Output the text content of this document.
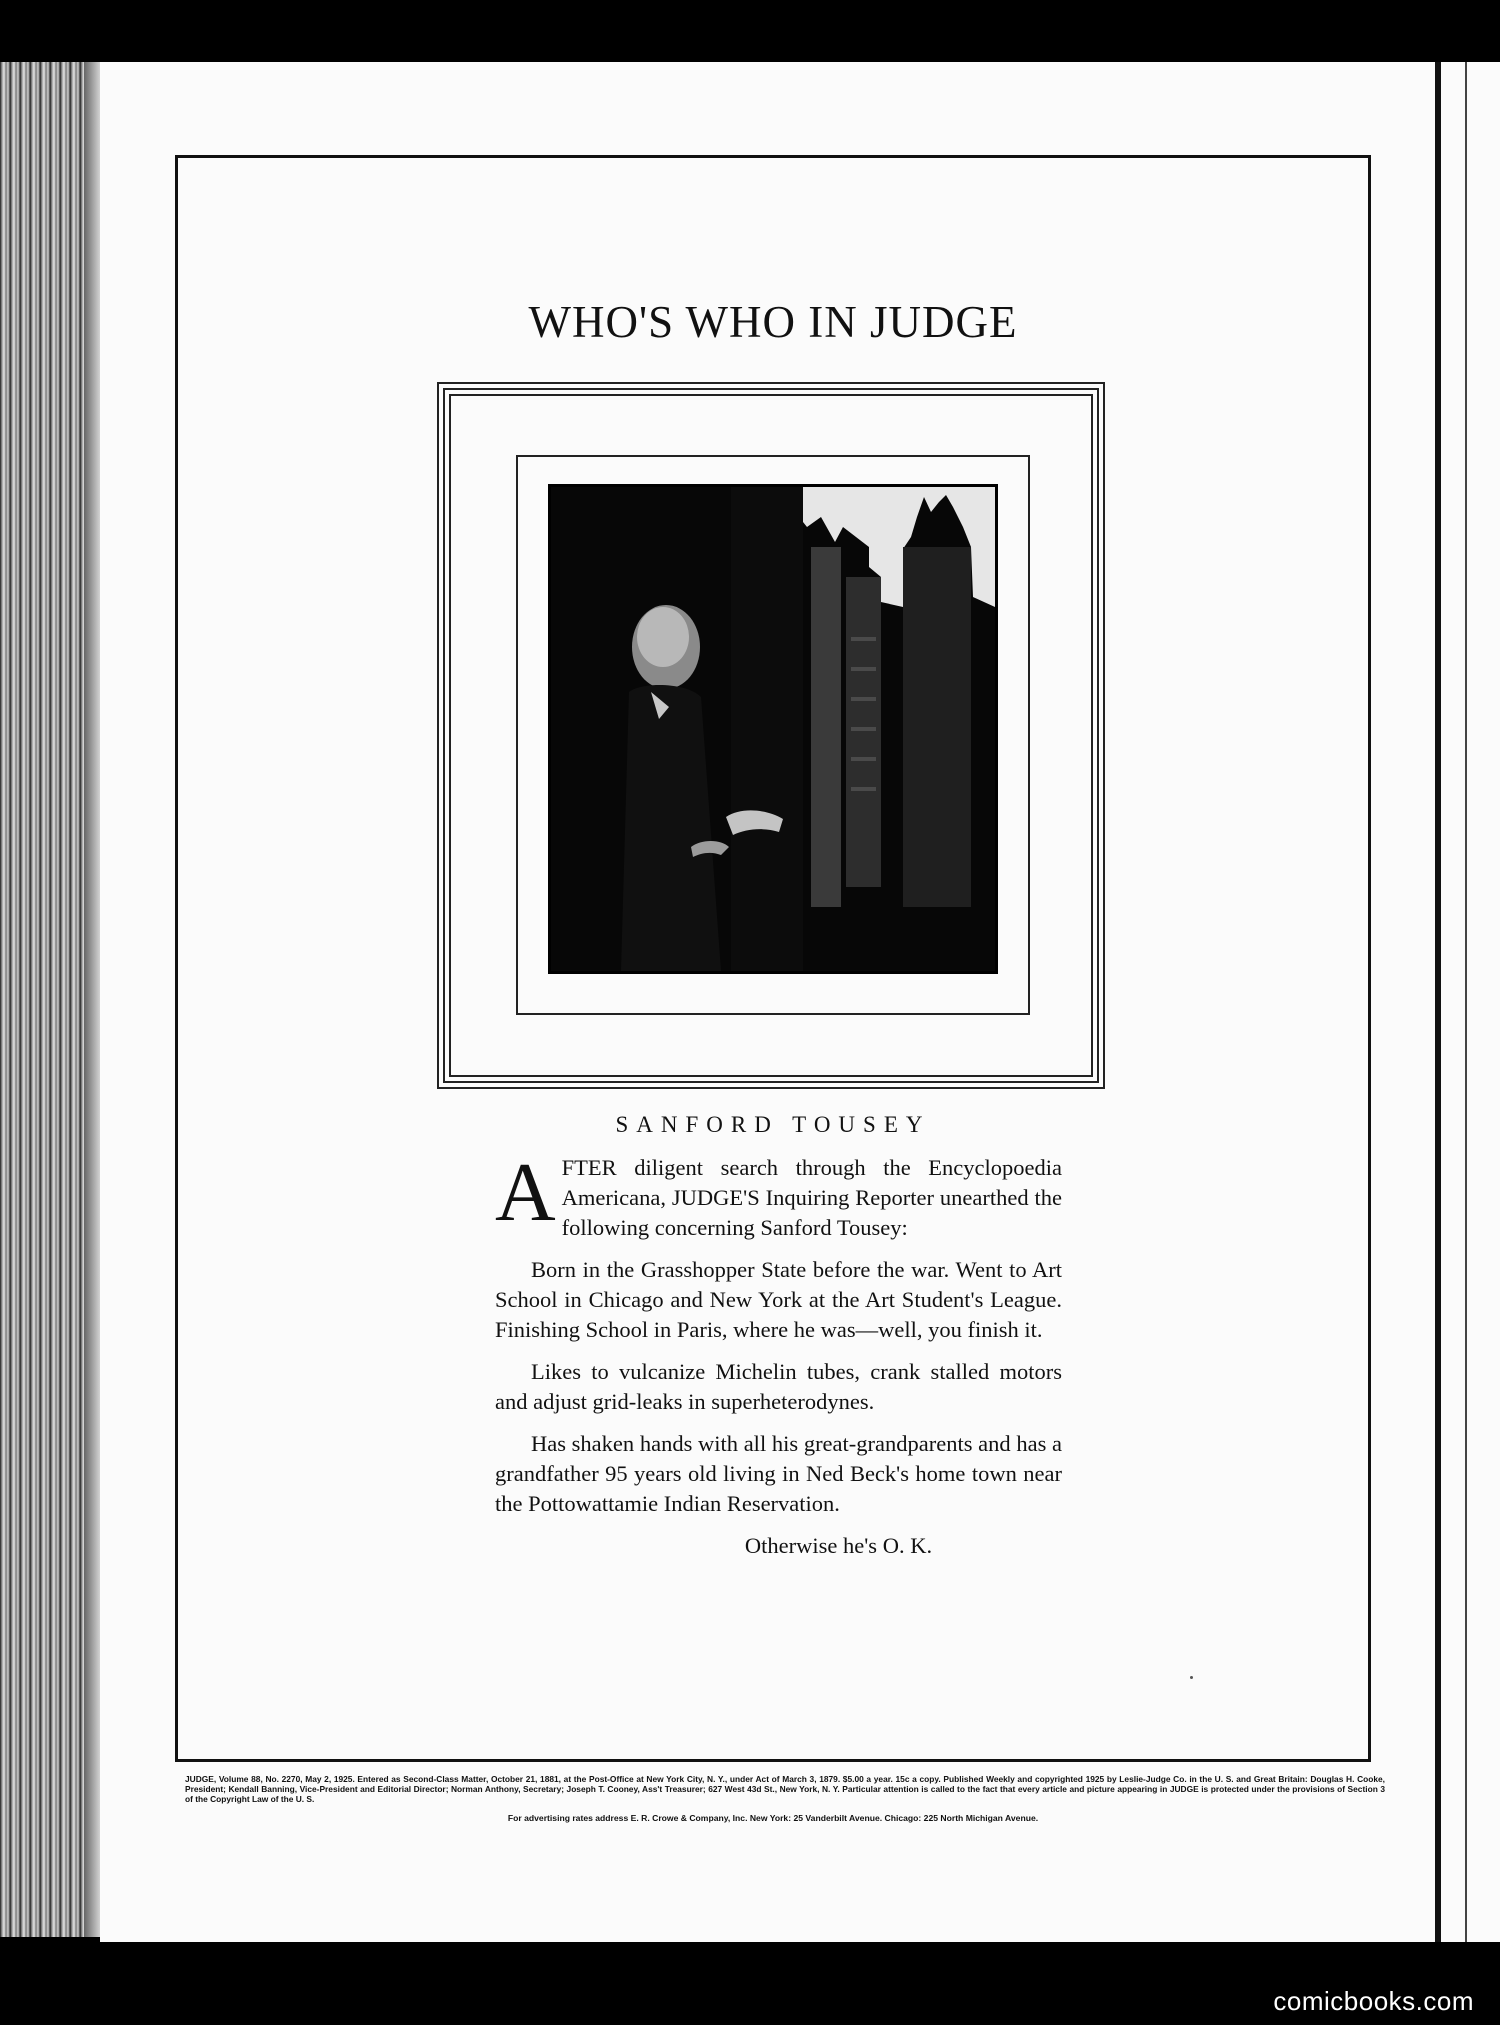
WHO'S WHO IN JUDGE
SANFORD TOUSEY

AFTER diligent search through the Encyclopoedia Americana, JUDGE'S Inquiring Reporter unearthed the following concerning Sanford Tousey:

Born in the Grasshopper State before the war. Went to Art School in Chicago and New York at the Art Student's League. Finishing School in Paris, where he was—well, you finish it.

Likes to vulcanize Michelin tubes, crank stalled motors and adjust grid-leaks in superheterodynes.

Has shaken hands with all his great-grandparents and has a grandfather 95 years old living in Ned Beck's home town near the Pottowattamie Indian Reservation.

Otherwise he's O. K.

JUDGE, Volume 88, No. 2270, May 2, 1925. Entered as Second-Class Matter, October 21, 1881, at the Post-Office at New York City, N. Y., under Act of March 3, 1879. $5.00 a year. 15c a copy. Published Weekly and copyrighted 1925 by Leslie-Judge Co. in the U. S. and Great Britain: Douglas H. Cooke, President; Kendall Banning, Vice-President and Editorial Director; Norman Anthony, Secretary; Joseph T. Cooney, Ass't Treasurer; 627 West 43d St., New York, N. Y. Particular attention is called to the fact that every article and picture appearing in JUDGE is protected under the provisions of Section 3 of the Copyright Law of the U. S.
For advertising rates address E. R. Crowe & Company, Inc. New York: 25 Vanderbilt Avenue. Chicago: 225 North Michigan Avenue.
comicbooks.com
